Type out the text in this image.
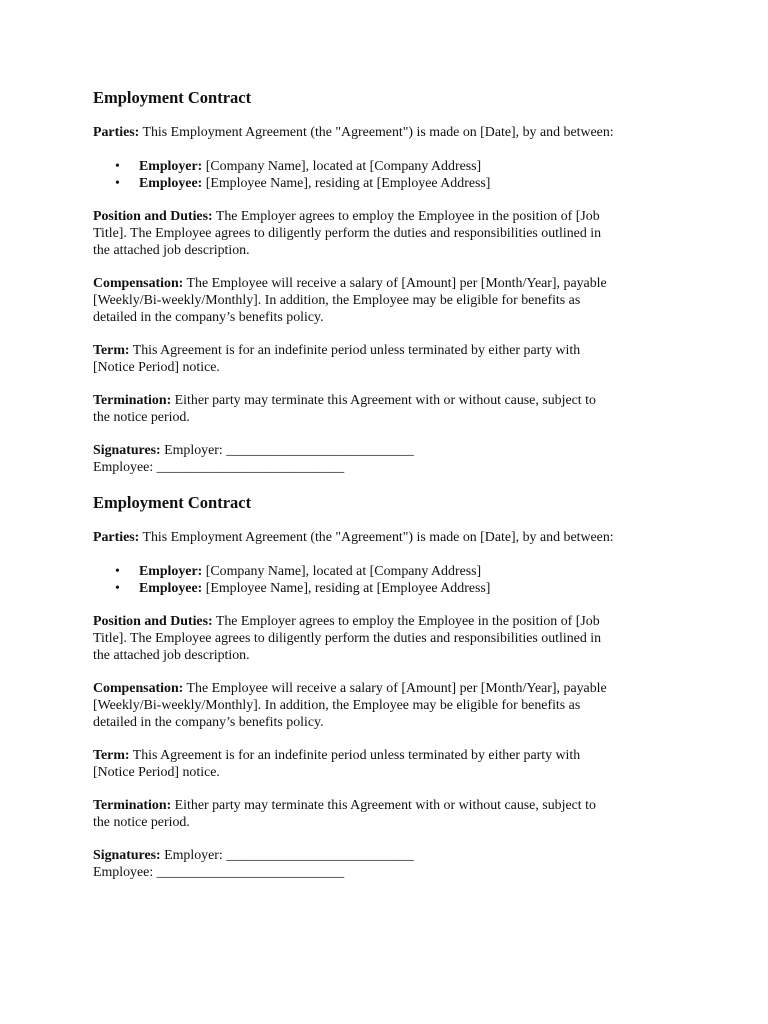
Employment Contract
Parties: This Employment Agreement (the "Agreement") is made on [Date], by and between:
• Employer: [Company Name], located at [Company Address]
• Employee: [Employee Name], residing at [Employee Address]
Position and Duties: The Employer agrees to employ the Employee in the position of [Job
Title]. The Employee agrees to diligently perform the duties and responsibilities outlined in
the attached job description.
Compensation: The Employee will receive a salary of [Amount] per [Month/Year], payable
[Weekly/Bi-weekly/Monthly]. In addition, the Employee may be eligible for benefits as
detailed in the company’s benefits policy.
Term: This Agreement is for an indefinite period unless terminated by either party with
[Notice Period] notice.
Termination: Either party may terminate this Agreement with or without cause, subject to
the notice period.
Signatures: Employer: ___________________________
Employee: ___________________________
Employment Contract
Parties: This Employment Agreement (the "Agreement") is made on [Date], by and between:
• Employer: [Company Name], located at [Company Address]
• Employee: [Employee Name], residing at [Employee Address]
Position and Duties: The Employer agrees to employ the Employee in the position of [Job
Title]. The Employee agrees to diligently perform the duties and responsibilities outlined in
the attached job description.
Compensation: The Employee will receive a salary of [Amount] per [Month/Year], payable
[Weekly/Bi-weekly/Monthly]. In addition, the Employee may be eligible for benefits as
detailed in the company’s benefits policy.
Term: This Agreement is for an indefinite period unless terminated by either party with
[Notice Period] notice.
Termination: Either party may terminate this Agreement with or without cause, subject to
the notice period.
Signatures: Employer: ___________________________
Employee: ___________________________
